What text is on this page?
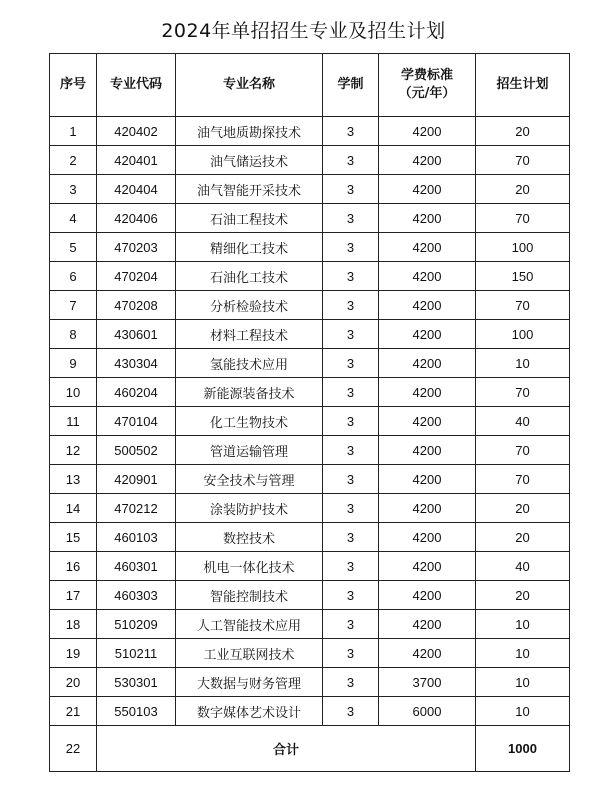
2024年单招招生专业及招生计划
序号	专业代码	专业名称	学制	学费标准（元/年）	招生计划
1	420402	油气地质勘探技术	3	4200	20
2	420401	油气储运技术	3	4200	70
3	420404	油气智能开采技术	3	4200	20
4	420406	石油工程技术	3	4200	70
5	470203	精细化工技术	3	4200	100
6	470204	石油化工技术	3	4200	150
7	470208	分析检验技术	3	4200	70
8	430601	材料工程技术	3	4200	100
9	430304	氢能技术应用	3	4200	10
10	460204	新能源装备技术	3	4200	70
11	470104	化工生物技术	3	4200	40
12	500502	管道运输管理	3	4200	70
13	420901	安全技术与管理	3	4200	70
14	470212	涂装防护技术	3	4200	20
15	460103	数控技术	3	4200	20
16	460301	机电一体化技术	3	4200	40
17	460303	智能控制技术	3	4200	20
18	510209	人工智能技术应用	3	4200	10
19	510211	工业互联网技术	3	4200	10
20	530301	大数据与财务管理	3	3700	10
21	550103	数字媒体艺术设计	3	6000	10
22	合计				1000
